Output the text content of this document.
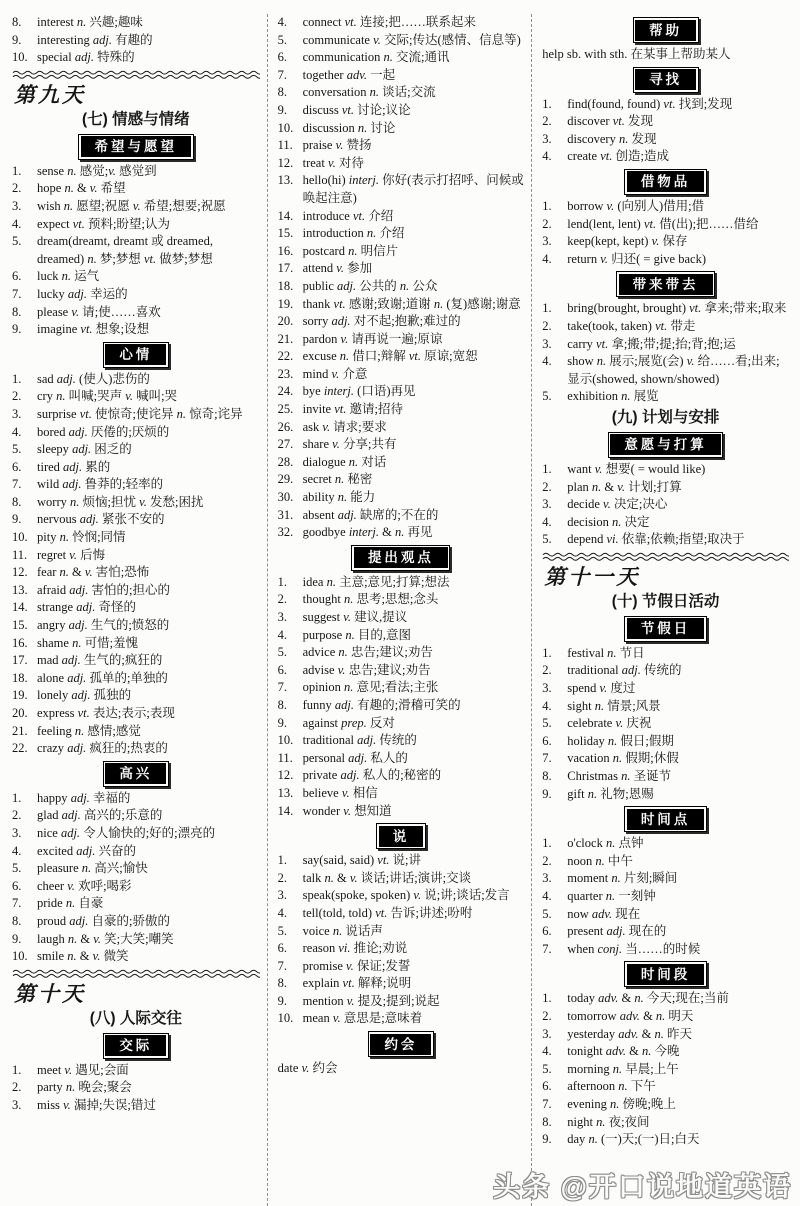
8.	interest n. 兴趣;趣味
9.	interesting adj. 有趣的
10. special adj. 特殊的
第九天
(七) 情感与情绪
希望与愿望
1.	sense n. 感觉;v. 感觉到
2.	hope n. & v. 希望
3.	wish n. 愿望;祝愿 v. 希望;想要;祝愿
4.	expect vt. 预料;盼望;认为
5.	dream(dreamt, dreamt 或 dreamed, dreamed) n. 梦;梦想 vt. 做梦;梦想
6.	luck n. 运气
7.	lucky adj. 幸运的
8.	please v. 请;使……喜欢
9.	imagine vt. 想象;设想
心情
1.	sad adj. (使人)悲伤的
2.	cry n. 叫喊;哭声 v. 喊叫;哭
3.	surprise vt. 使惊奇;使诧异 n. 惊奇;诧异
4.	bored adj. 厌倦的;厌烦的
5.	sleepy adj. 困乏的
6.	tired adj. 累的
7.	wild adj. 鲁莽的;轻率的
8.	worry n. 烦恼;担忧 v. 发愁;困扰
9.	nervous adj. 紧张不安的
10. pity n. 怜悯;同情
11. regret v. 后悔
12. fear n. & v. 害怕;恐怖
13. afraid adj. 害怕的;担心的
14. strange adj. 奇怪的
15. angry adj. 生气的;愤怒的
16. shame n. 可惜;羞愧
17. mad adj. 生气的;疯狂的
18. alone adj. 孤单的;单独的
19. lonely adj. 孤独的
20. express vt. 表达;表示;表现
21. feeling n. 感情;感觉
22. crazy adj. 疯狂的;热衷的
高兴
1.	happy adj. 幸福的
2.	glad adj. 高兴的;乐意的
3.	nice adj. 令人愉快的;好的;漂亮的
4.	excited adj. 兴奋的
5.	pleasure n. 高兴;愉快
6.	cheer v. 欢呼;喝彩
7.	pride n. 自豪
8.	proud adj. 自豪的;骄傲的
9.	laugh n. & v. 笑;大笑;嘲笑
10. smile n. & v. 微笑
第十天
(八) 人际交往
交际
1.	meet v. 遇见;会面
2.	party n. 晚会;聚会
3.	miss v. 漏掉;失误;错过
4.	connect vt. 连接;把……联系起来
5.	communicate v. 交际;传达(感情、信息等)
6.	communication n. 交流;通讯
7.	together adv. 一起
8.	conversation n. 谈话;交流
9.	discuss vt. 讨论;议论
10. discussion n. 讨论
11. praise v. 赞扬
12. treat v. 对待
13. hello(hi) interj. 你好(表示打招呼、问候或唤起注意)
14. introduce vt. 介绍
15. introduction n. 介绍
16. postcard n. 明信片
17. attend v. 参加
18. public adj. 公共的 n. 公众
19. thank vt. 感谢;致谢;道谢 n. (复)感谢;谢意
20. sorry adj. 对不起;抱歉;难过的
21. pardon v. 请再说一遍;原谅
22. excuse n. 借口;辩解 vt. 原谅;宽恕
23. mind v. 介意
24. bye interj. (口语)再见
25. invite vt. 邀请;招待
26. ask v. 请求;要求
27. share v. 分享;共有
28. dialogue n. 对话
29. secret n. 秘密
30. ability n. 能力
31. absent adj. 缺席的;不在的
32. goodbye interj. & n. 再见
提出观点
1.	idea n. 主意;意见;打算;想法
2.	thought n. 思考;思想;念头
3.	suggest v. 建议,提议
4.	purpose n. 目的,意图
5.	advice n. 忠告;建议;劝告
6.	advise v. 忠告;建议;劝告
7.	opinion n. 意见;看法;主张
8.	funny adj. 有趣的;滑稽可笑的
9.	against prep. 反对
10. traditional adj. 传统的
11. personal adj. 私人的
12. private adj. 私人的;秘密的
13. believe v. 相信
14. wonder v. 想知道
说
1.	say(said, said) vt. 说;讲
2.	talk n. & v. 谈话;讲话;演讲;交谈
3.	speak(spoke, spoken) v. 说;讲;谈话;发言
4.	tell(told, told) vt. 告诉;讲述;吩咐
5.	voice n. 说话声
6.	reason vi. 推论;劝说
7.	promise v. 保证;发誓
8.	explain vt. 解释;说明
9.	mention v. 提及;提到;说起
10. mean v. 意思是;意味着
约会
date v. 约会
帮助
help sb. with sth. 在某事上帮助某人
寻找
1.	find(found, found) vt. 找到;发现
2.	discover vt. 发现
3.	discovery n. 发现
4.	create vt. 创造;造成
借物品
1.	borrow v. (向别人)借用;借
2.	lend(lent, lent) vt. 借(出);把……借给
3.	keep(kept, kept) v. 保存
4.	return v. 归还( = give back)
带来带去
1.	bring(brought, brought) vt. 拿来;带来;取来
2.	take(took, taken) vt. 带走
3.	carry vt. 拿;搬;带;提;抬;背;抱;运
4.	show n. 展示;展览(会) v. 给……看;出来;显示(showed, shown/showed)
5.	exhibition n. 展览
(九) 计划与安排
意愿与打算
1.	want v. 想要( = would like)
2.	plan n. & v. 计划;打算
3.	decide v. 决定;决心
4.	decision n. 决定
5.	depend vi. 依靠;依赖;指望;取决于
第十一天
(十) 节假日活动
节假日
1.	festival n. 节日
2.	traditional adj. 传统的
3.	spend v. 度过
4.	sight n. 情景;风景
5.	celebrate v. 庆祝
6.	holiday n. 假日;假期
7.	vacation n. 假期;休假
8.	Christmas n. 圣诞节
9.	gift n. 礼物;恩赐
时间点
1.	o'clock n. 点钟
2.	noon n. 中午
3.	moment n. 片刻;瞬间
4.	quarter n. 一刻钟
5.	now adv. 现在
6.	present adj. 现在的
7.	when conj. 当……的时候
时间段
1.	today adv. & n. 今天;现在;当前
2.	tomorrow adv. & n. 明天
3.	yesterday adv. & n. 昨天
4.	tonight adv. & n. 今晚
5.	morning n. 早晨;上午
6.	afternoon n. 下午
7.	evening n. 傍晚;晚上
8.	night n. 夜;夜间
9.	day n. (一)天;(一)日;白天
头条 @开口说地道英语
